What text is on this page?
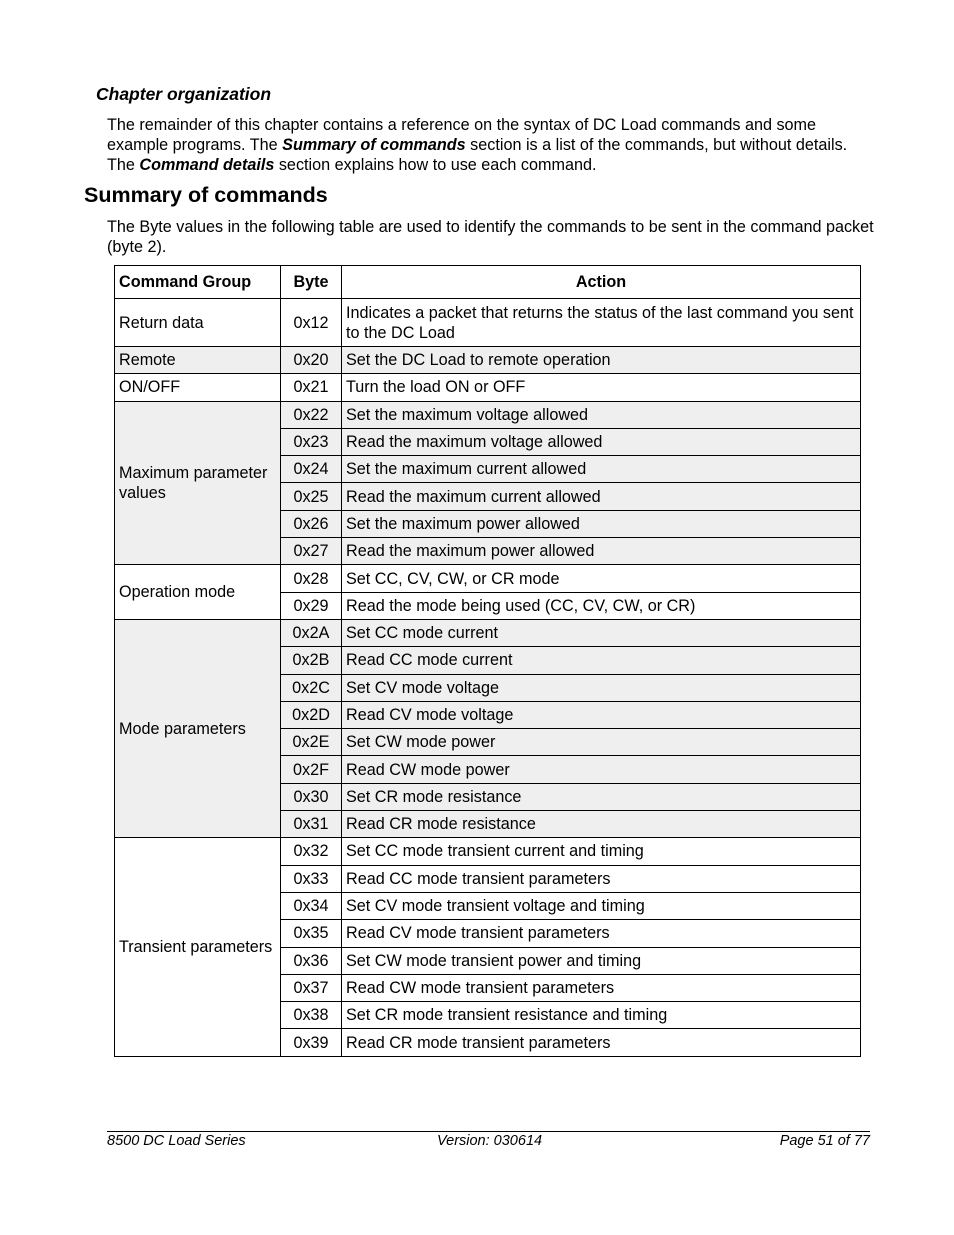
Chapter organization
The remainder of this chapter contains a reference on the syntax of DC Load commands and some example programs. The Summary of commands section is a list of the commands, but without details. The Command details section explains how to use each command.
Summary of commands
The Byte values in the following table are used to identify the commands to be sent in the command packet (byte 2).
Command Group	Byte	Action
Return data	0x12	Indicates a packet that returns the status of the last command you sent to the DC Load
Remote	0x20	Set the DC Load to remote operation
ON/OFF	0x21	Turn the load ON or OFF
Maximum parameter values	0x22	Set the maximum voltage allowed
	0x23	Read the maximum voltage allowed
	0x24	Set the maximum current allowed
	0x25	Read the maximum current allowed
	0x26	Set the maximum power allowed
	0x27	Read the maximum power allowed
Operation mode	0x28	Set CC, CV, CW, or CR mode
	0x29	Read the mode being used (CC, CV, CW, or CR)
Mode parameters	0x2A	Set CC mode current
	0x2B	Read CC mode current
	0x2C	Set CV mode voltage
	0x2D	Read CV mode voltage
	0x2E	Set CW mode power
	0x2F	Read CW mode power
	0x30	Set CR mode resistance
	0x31	Read CR mode resistance
Transient parameters	0x32	Set CC mode transient current and timing
	0x33	Read CC mode transient parameters
	0x34	Set CV mode transient voltage and timing
	0x35	Read CV mode transient parameters
	0x36	Set CW mode transient power and timing
	0x37	Read CW mode transient parameters
	0x38	Set CR mode transient resistance and timing
	0x39	Read CR mode transient parameters
8500 DC Load Series	Version: 030614	Page 51 of 77
